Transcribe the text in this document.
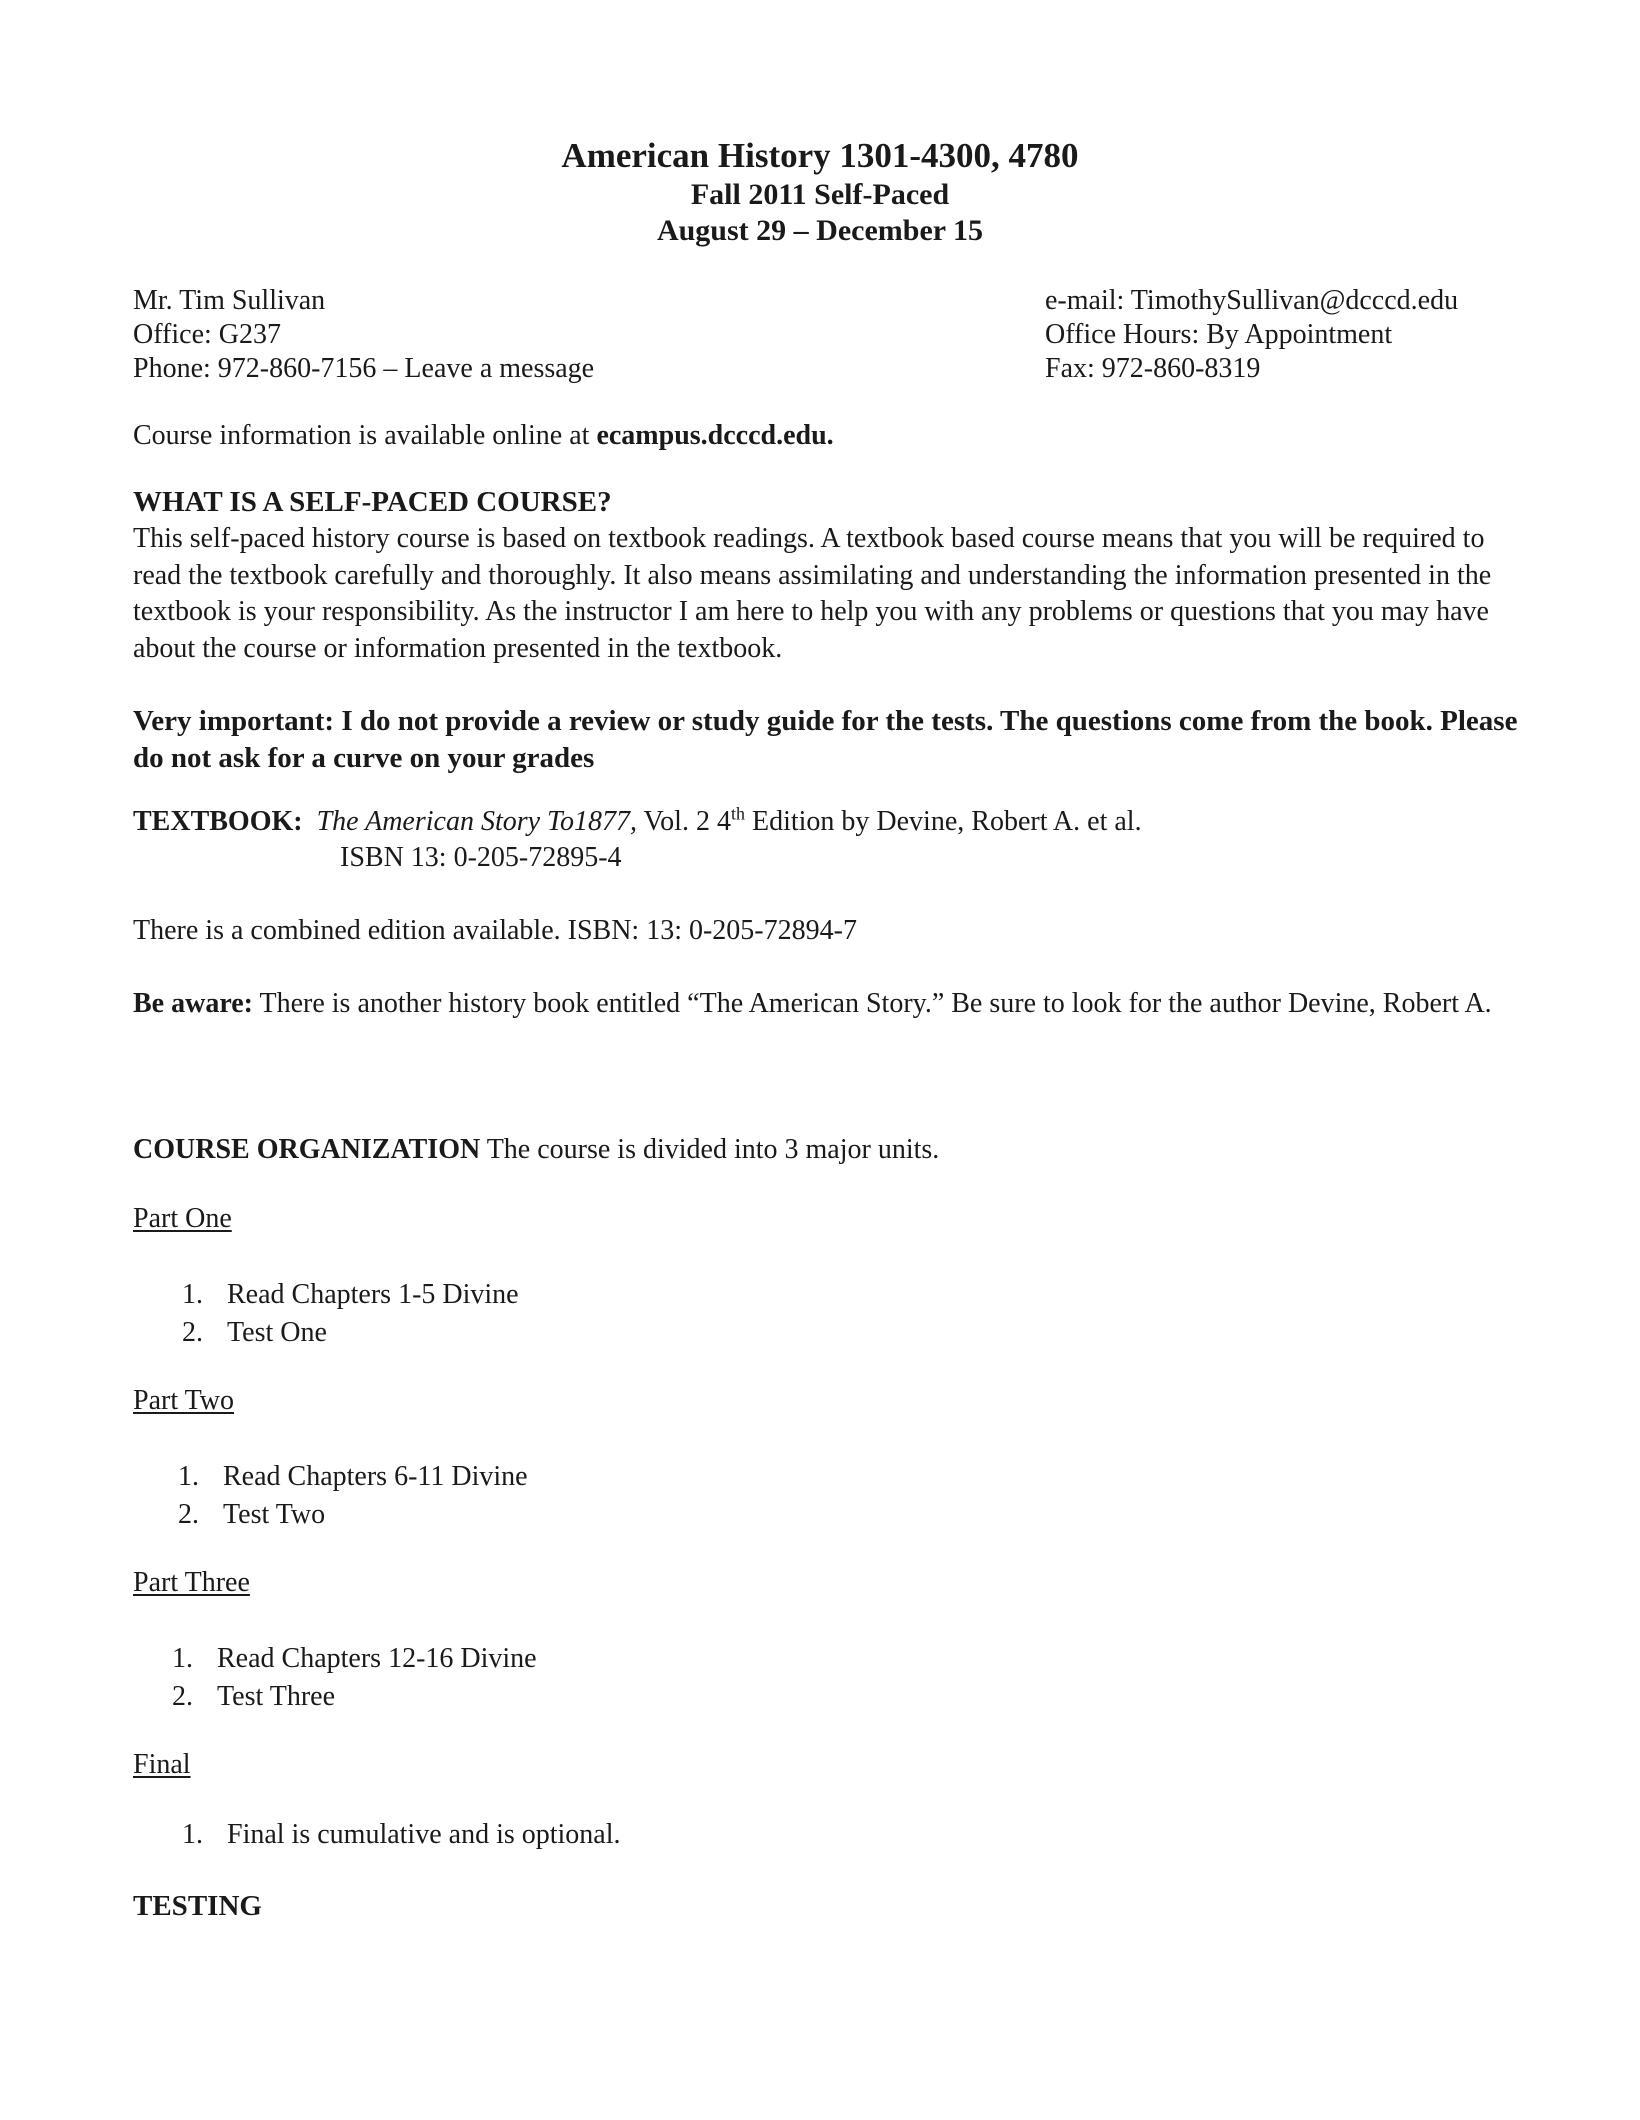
American History 1301-4300, 4780
Fall 2011 Self-Paced
August 29 – December 15
Mr. Tim Sullivan
Office: G237
Phone: 972-860-7156 – Leave a message
e-mail: TimothySullivan@dcccd.edu
Office Hours: By Appointment
Fax: 972-860-8319
Course information is available online at ecampus.dcccd.edu.
WHAT IS A SELF-PACED COURSE?
This self-paced history course is based on textbook readings. A textbook based course means that you will be required to read the textbook carefully and thoroughly. It also means assimilating and understanding the information presented in the textbook is your responsibility. As the instructor I am here to help you with any problems or questions that you may have about the course or information presented in the textbook.
Very important: I do not provide a review or study guide for the tests. The questions come from the book. Please do not ask for a curve on your grades
TEXTBOOK: The American Story To1877, Vol. 2 4th Edition by Devine, Robert A. et al.
ISBN 13: 0-205-72895-4
There is a combined edition available. ISBN: 13: 0-205-72894-7
Be aware: There is another history book entitled “The American Story.” Be sure to look for the author Devine, Robert A.
COURSE ORGANIZATION The course is divided into 3 major units.
Part One
1. Read Chapters 1-5 Divine
2. Test One
Part Two
1. Read Chapters 6-11 Divine
2. Test Two
Part Three
1. Read Chapters 12-16 Divine
2. Test Three
Final
1. Final is cumulative and is optional.
TESTING
